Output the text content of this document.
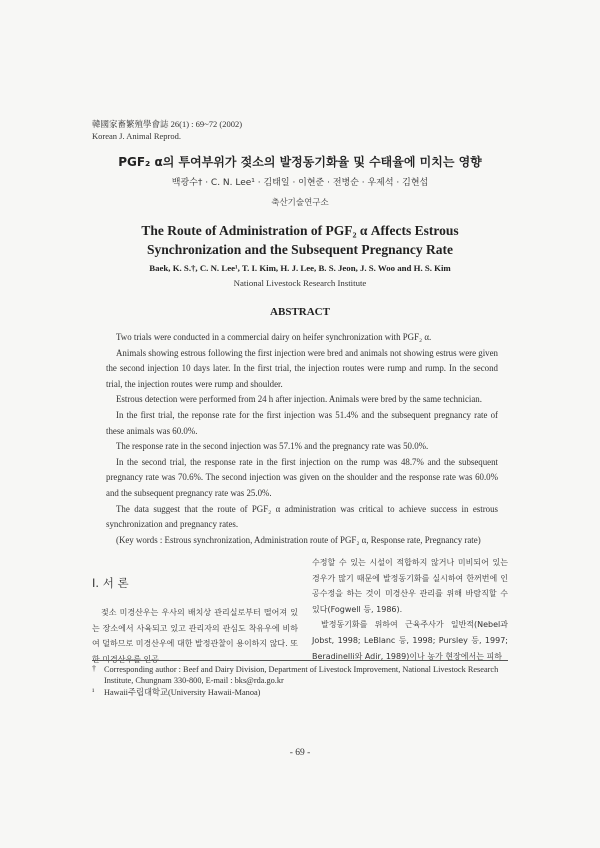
韓國家畜繁殖學會誌 26(1) : 69~72 (2002)
Korean J. Animal Reprod.
PGF₂ α의 투여부위가 젖소의 발정동기화율 및 수태율에 미치는 영향
백광수† · C. N. Lee¹ · 김태일 · 이현준 · 전병순 · 우제석 · 김현섭
축산기술연구소
The Route of Administration of PGF₂ α Affects Estrous
Synchronization and the Subsequent Pregnancy Rate
Baek, K. S.†, C. N. Lee¹, T. I. Kim, H. J. Lee, B. S. Jeon, J. S. Woo and H. S. Kim
National Livestock Research Institute
ABSTRACT

Two trials were conducted in a commercial dairy on heifer synchronization with PGF₂ α.

Animals showing estrous following the first injection were bred and animals not showing estrus were given the second injection 10 days later. In the first trial, the injection routes were rump and rump. In the second trial, the injection routes were rump and shoulder.

Estrous detection were performed from 24 h after injection. Animals were bred by the same technician.

In the first trial, the reponse rate for the first injection was 51.4% and the subsequent pregnancy rate of these animals was 60.0%.

The response rate in the second injection was 57.1% and the pregnancy rate was 50.0%.

In the second trial, the response rate in the first injection on the rump was 48.7% and the subsequent pregnancy rate was 70.6%. The second injection was given on the shoulder and the response rate was 60.0% and the subsequent pregnancy rate was 25.0%.

The data suggest that the route of PGF₂ α administration was critical to achieve success in estrous synchronization and pregnancy rates.

(Key words : Estrous synchronization, Administration route of PGF₂ α, Response rate, Pregnancy rate)

I. 서 론

젖소 미경산우는 우사의 배치상 관리실로부터 떨어져 있는 장소에서 사육되고 있고 관리자의 관심도 착유우에 비하여 덜하므로 미경산우에 대한 발정관찰이 용이하지 않다. 또한 미경산우를 인공

수정할 수 있는 시설이 적합하지 않거나 미비되어 있는 경우가 많기 때문에 발정동기화를 실시하여 한꺼번에 인공수정을 하는 것이 미경산우 관리를 위해 바람직할 수 있다(Fogwell 등, 1986).

발정동기화를 위하여 근육주사가 일반적(Nebel과 Jobst, 1998; LeBlanc 등, 1998; Pursley 등, 1997; Beradinelli와 Adir, 1989)이나 농가 현장에서는 피하

† Corresponding author : Beef and Dairy Division, Department of Livestock Improvement, National Livestock Research Institute, Chungnam 330-800, E-mail : bks@rda.go.kr
¹ Hawaii주립대학교(University Hawaii-Manoa)
- 69 -
